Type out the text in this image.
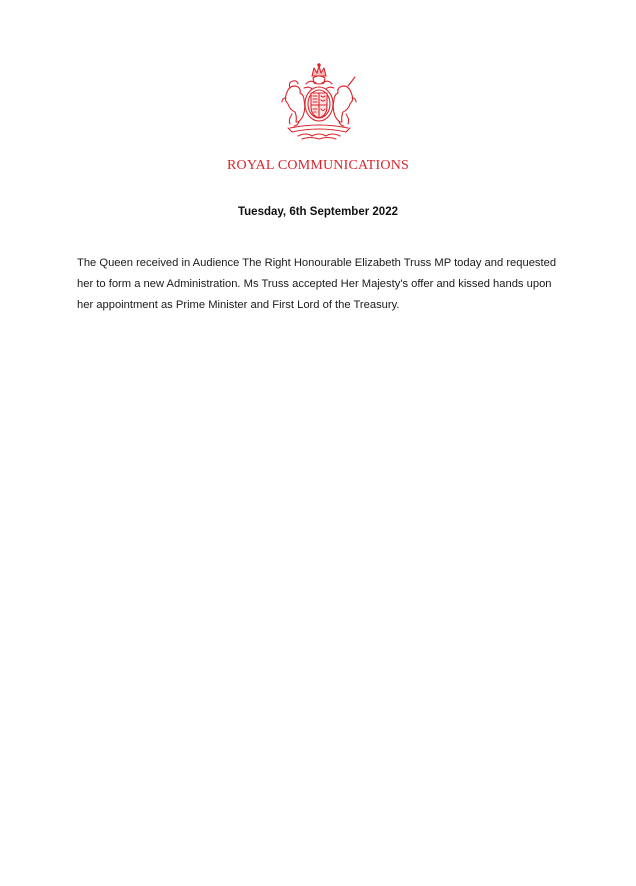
ROYAL COMMUNICATIONS
Tuesday, 6th September 2022
The Queen received in Audience The Right Honourable Elizabeth Truss MP today and requested her to form a new Administration. Ms Truss accepted Her Majesty's offer and kissed hands upon her appointment as Prime Minister and First Lord of the Treasury.
